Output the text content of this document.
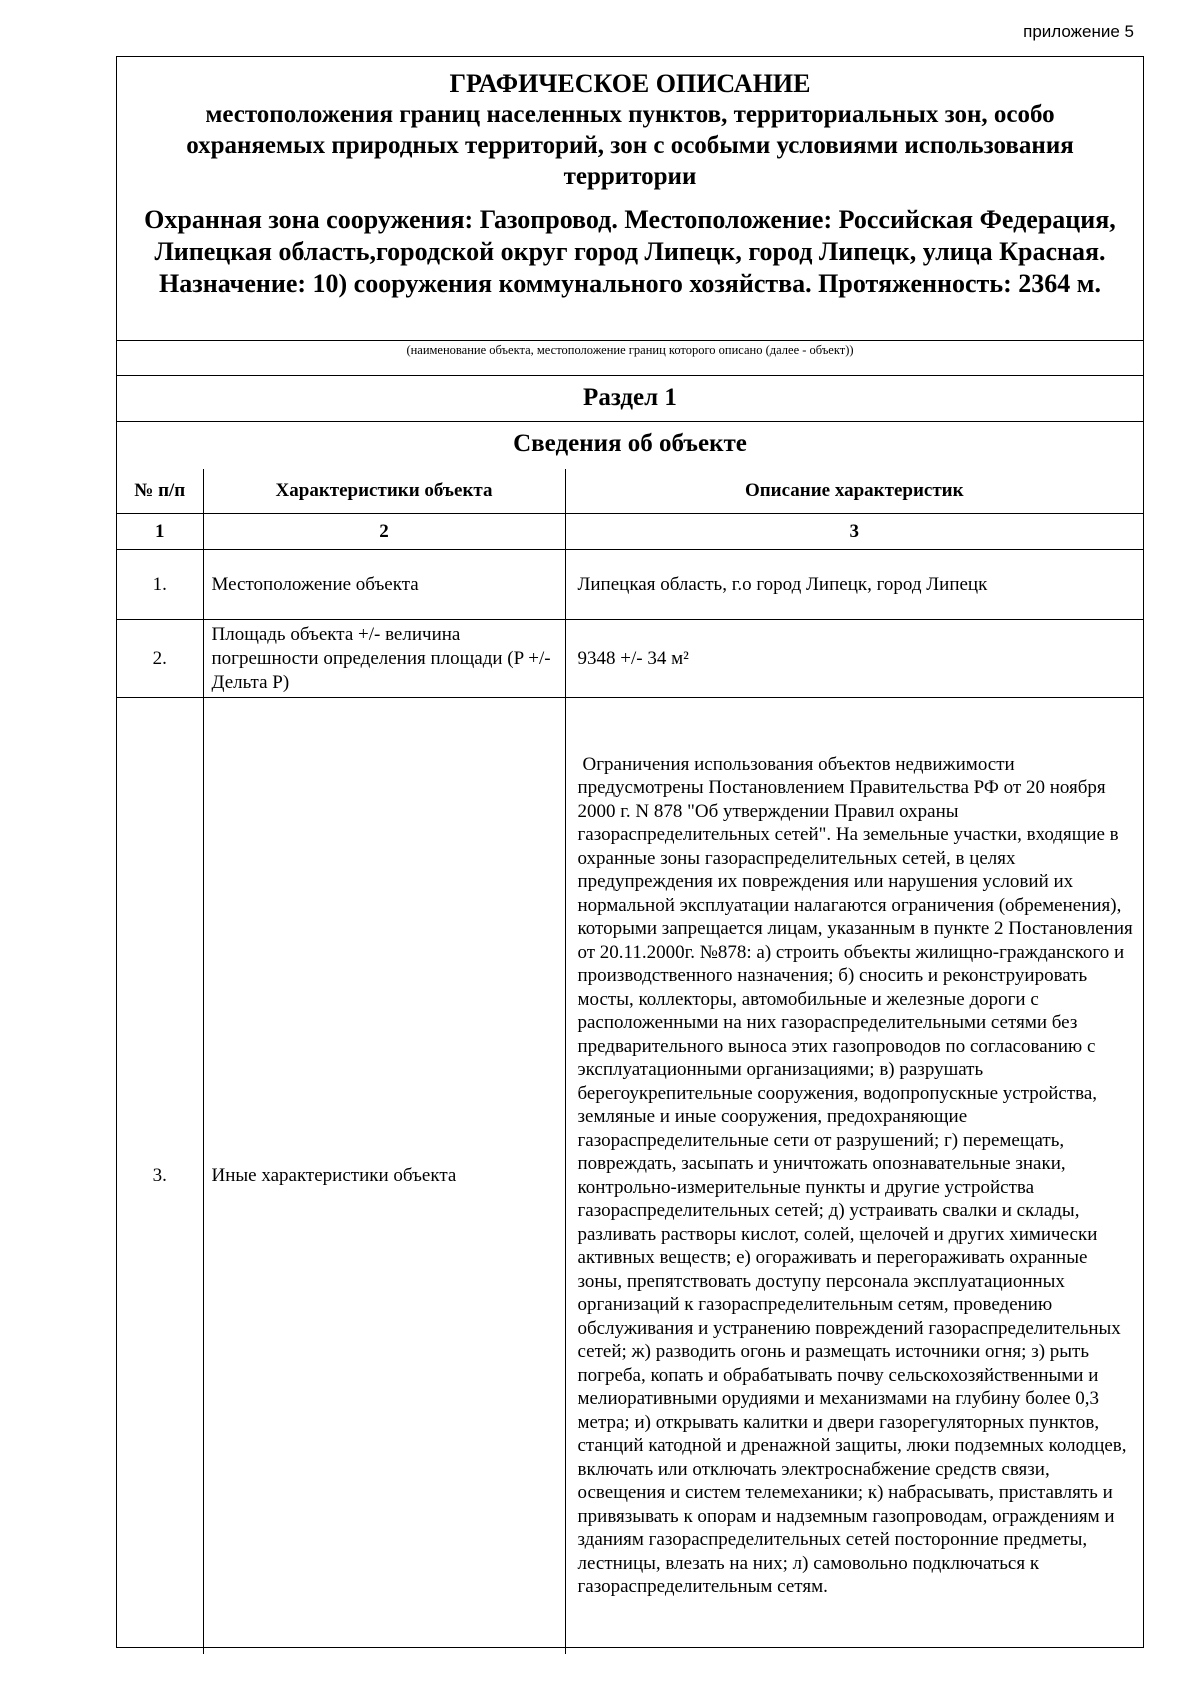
приложение 5
ГРАФИЧЕСКОЕ ОПИСАНИЕ
местоположения границ населенных пунктов, территориальных зон, особо охраняемых природных территорий, зон с особыми условиями использования территории
Охранная зона сооружения: Газопровод. Местоположение: Российская Федерация, Липецкая область,городской округ город Липецк, город Липецк, улица Красная. Назначение: 10) сооружения коммунального хозяйства. Протяженность: 2364 м.
(наименование объекта, местоположение границ которого описано (далее - объект))
Раздел 1
Сведения об объекте
№ п/п	Характеристики объекта	Описание характеристик
1	2	3
1.	Местоположение объекта	Липецкая область, г.о город Липецк, город Липецк
2.	Площадь объекта +/- величина погрешности определения площади (P +/- Дельта P)	9348 +/- 34 м²
3.	Иные характеристики объекта	Ограничения использования объектов недвижимости предусмотрены Постановлением Правительства РФ от 20 ноября 2000 г. N 878 "Об утверждении Правил охраны газораспределительных сетей". На земельные участки, входящие в охранные зоны газораспределительных сетей, в целях предупреждения их повреждения или нарушения условий их нормальной эксплуатации налагаются ограничения (обременения), которыми запрещается лицам, указанным в пункте 2 Постановления от 20.11.2000г. №878: а) строить объекты жилищно-гражданского и производственного назначения; б) сносить и реконструировать мосты, коллекторы, автомобильные и железные дороги с расположенными на них газораспределительными сетями без предварительного выноса этих газопроводов по согласованию с эксплуатационными организациями; в) разрушать берегоукрепительные сооружения, водопропускные устройства, земляные и иные сооружения, предохраняющие газораспределительные сети от разрушений; г) перемещать, повреждать, засыпать и уничтожать опознавательные знаки, контрольно-измерительные пункты и другие устройства газораспределительных сетей; д) устраивать свалки и склады, разливать растворы кислот, солей, щелочей и других химически активных веществ; е) огораживать и перегораживать охранные зоны, препятствовать доступу персонала эксплуатационных организаций к газораспределительным сетям, проведению обслуживания и устранению повреждений газораспределительных сетей; ж) разводить огонь и размещать источники огня; з) рыть погреба, копать и обрабатывать почву сельскохозяйственными и мелиоративными орудиями и механизмами на глубину более 0,3 метра; и) открывать калитки и двери газорегуляторных пунктов, станций катодной и дренажной защиты, люки подземных колодцев, включать или отключать электроснабжение средств связи, освещения и систем телемеханики; к) набрасывать, приставлять и привязывать к опорам и надземным газопроводам, ограждениям и зданиям газораспределительных сетей посторонние предметы, лестницы, влезать на них; л) самовольно подключаться к газораспределительным сетям.
